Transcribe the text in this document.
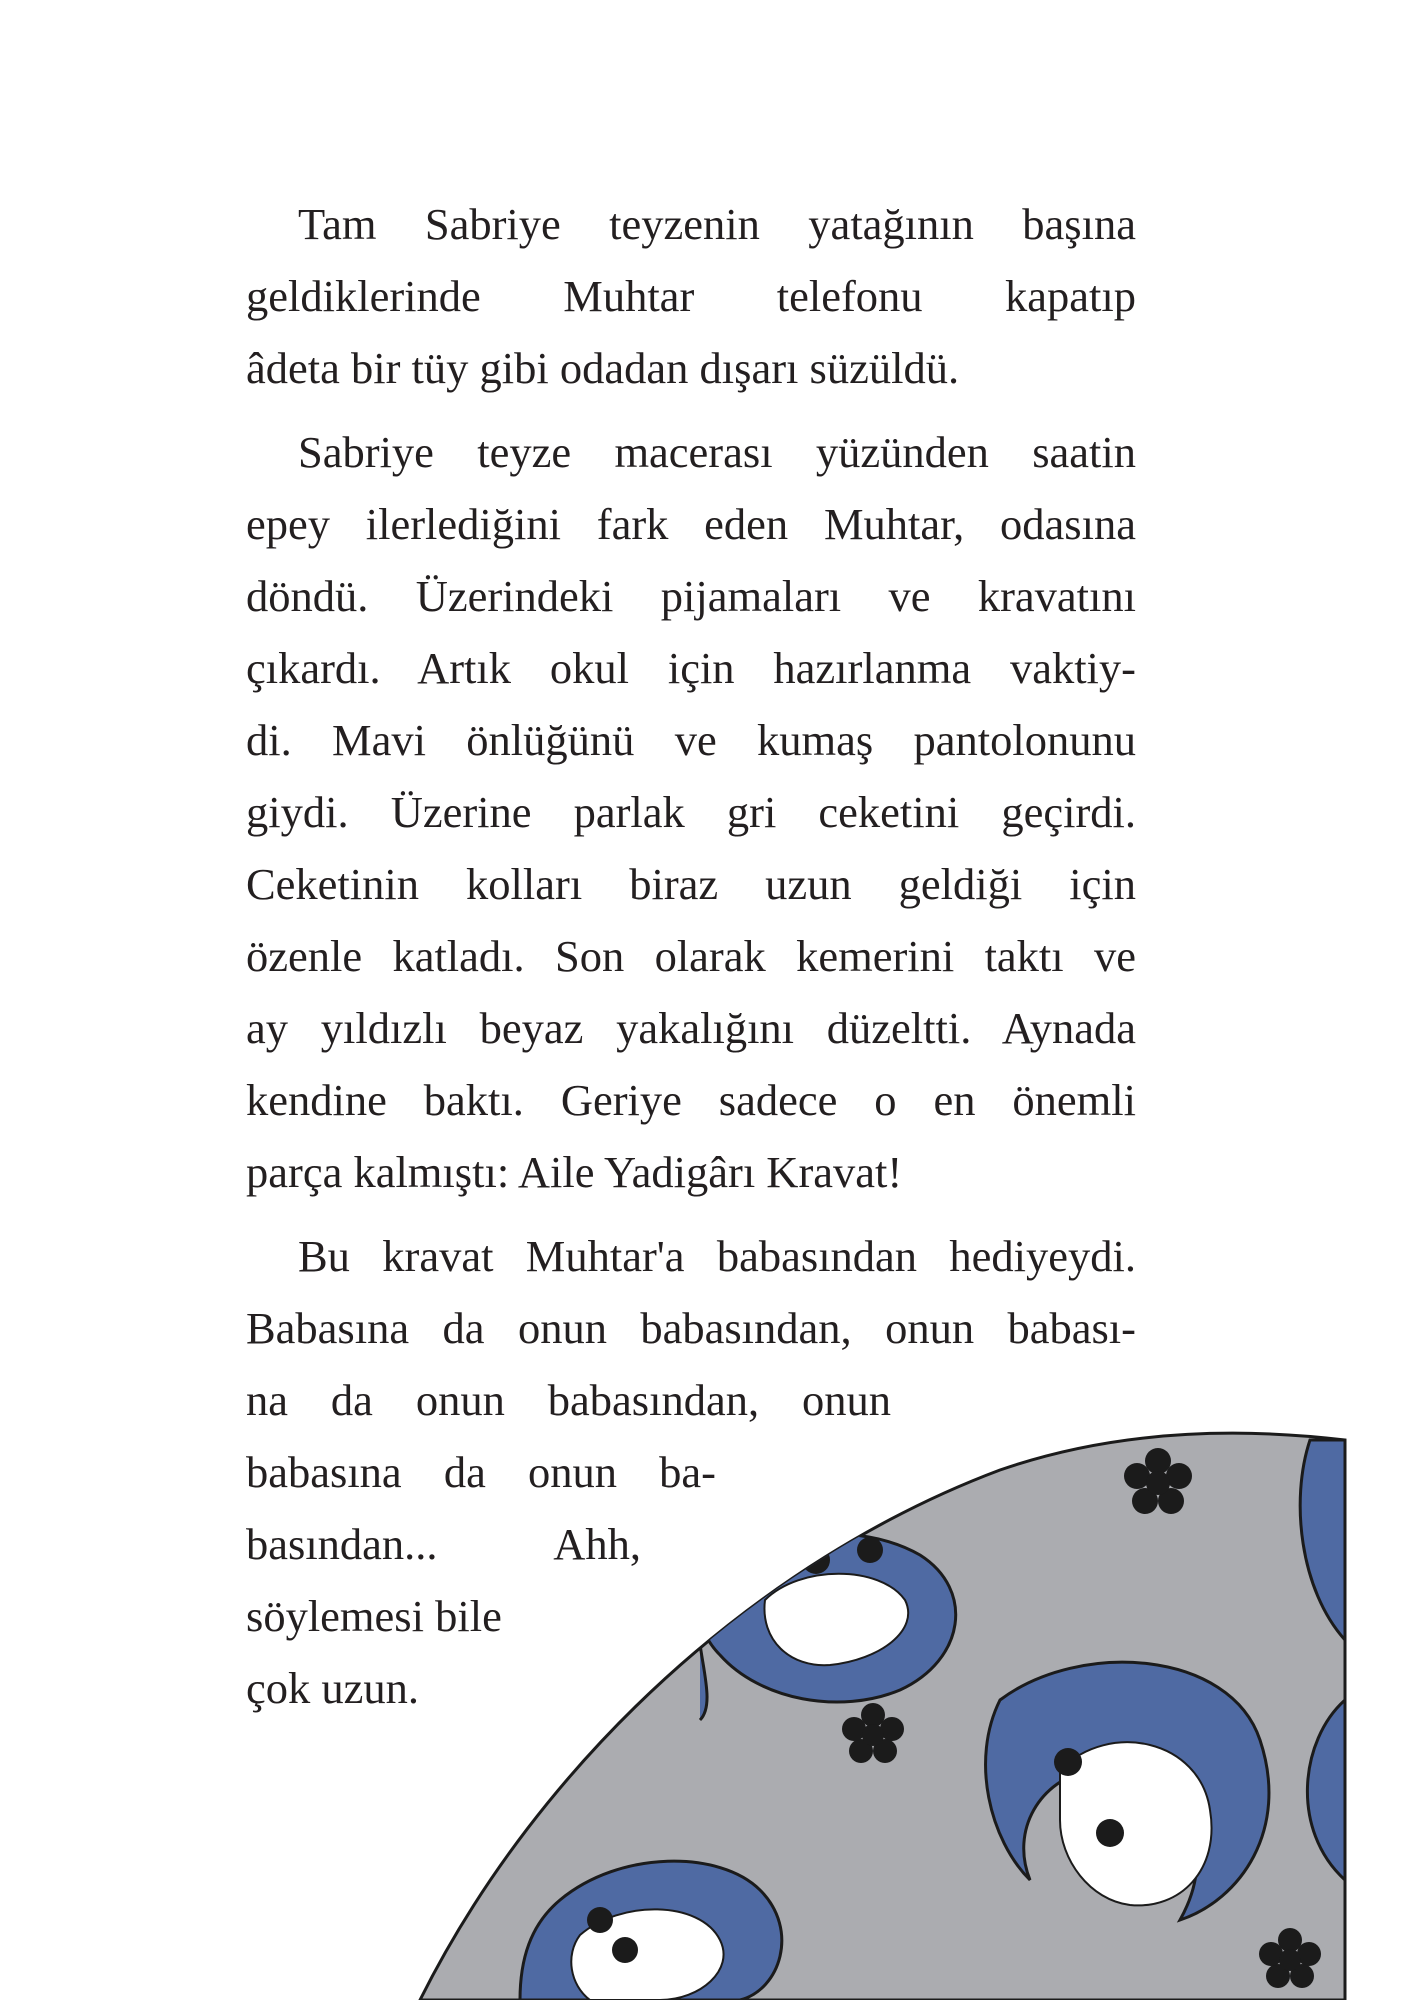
Tam Sabriye teyzenin yatağının başına
geldiklerinde Muhtar telefonu kapatıp
âdeta bir tüy gibi odadan dışarı süzüldü.
Sabriye teyze macerası yüzünden saatin
epey ilerlediğini fark eden Muhtar, odasına
döndü. Üzerindeki pijamaları ve kravatını
çıkardı. Artık okul için hazırlanma vaktiy-
di. Mavi önlüğünü ve kumaş pantolonunu
giydi. Üzerine parlak gri ceketini geçirdi.
Ceketinin kolları biraz uzun geldiği için
özenle katladı. Son olarak kemerini taktı ve
ay yıldızlı beyaz yakalığını düzeltti. Aynada
kendine baktı. Geriye sadece o en önemli
parça kalmıştı: Aile Yadigârı Kravat!
Bu kravat Muhtar'a babasından hediyeydi.
Babasına da onun babasından, onun babası-
na da onun babasından, onun
babasına da onun ba-
basından... Ahh,
söylemesi bile
çok uzun.
